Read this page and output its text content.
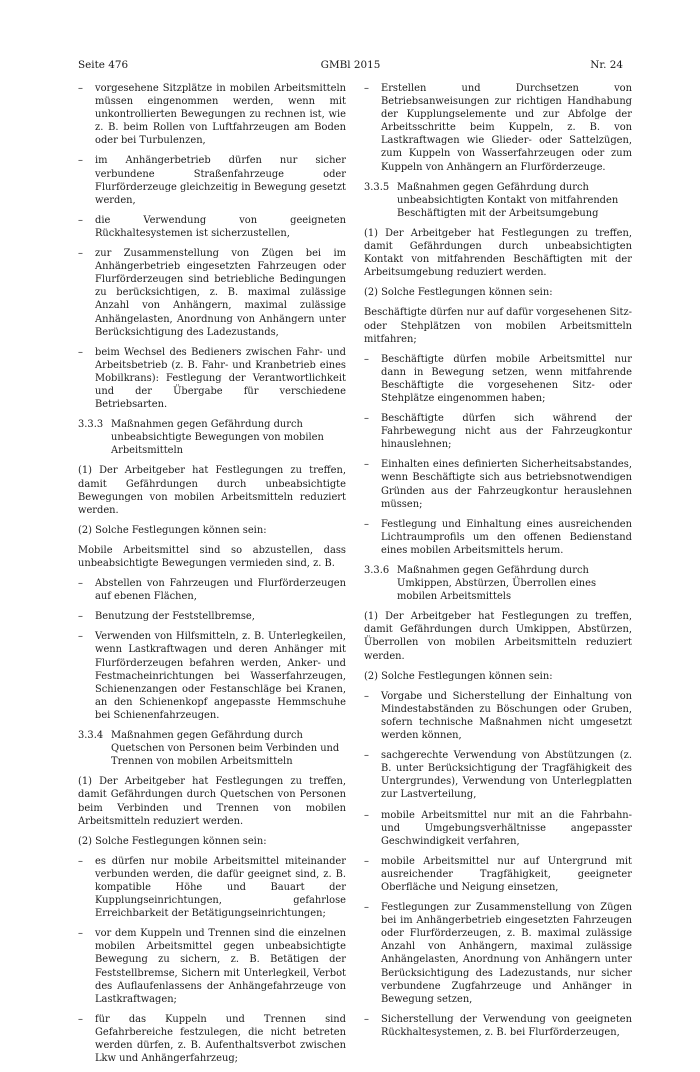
Seite 476	GMBl 2015	Nr. 24
– vorgesehene Sitzplätze in mobilen Arbeitsmitteln müssen eingenommen werden, wenn mit unkontrollierten Bewegungen zu rechnen ist, wie z. B. beim Rollen von Luftfahrzeugen am Boden oder bei Turbulenzen,
– im Anhängerbetrieb dürfen nur sicher verbundene Straßenfahrzeuge oder Flurförderzeuge gleichzeitig in Bewegung gesetzt werden,
– die Verwendung von geeigneten Rückhaltesystemen ist sicherzustellen,
– zur Zusammenstellung von Zügen bei im Anhängerbetrieb eingesetzten Fahrzeugen oder Flurförderzeugen sind betriebliche Bedingungen zu berücksichtigen, z. B. maximal zulässige Anzahl von Anhängern, maximal zulässige Anhängelasten, Anordnung von Anhängern unter Berücksichtigung des Ladezustands,
– beim Wechsel des Bedieners zwischen Fahr- und Arbeitsbetrieb (z. B. Fahr- und Kranbetrieb eines Mobilkrans): Festlegung der Verantwortlichkeit und der Übergabe für verschiedene Betriebsarten.
3.3.3 Maßnahmen gegen Gefährdung durch unbeabsichtigte Bewegungen von mobilen Arbeitsmitteln

(1) Der Arbeitgeber hat Festlegungen zu treffen, damit Gefährdungen durch unbeabsichtigte Bewegungen von mobilen Arbeitsmitteln reduziert werden.

(2) Solche Festlegungen können sein:

Mobile Arbeitsmittel sind so abzustellen, dass unbeabsichtigte Bewegungen vermieden sind, z. B.

– Abstellen von Fahrzeugen und Flurförderzeugen auf ebenen Flächen,
– Benutzung der Feststellbremse,
– Verwenden von Hilfsmitteln, z. B. Unterlegkeilen, wenn Lastkraftwagen und deren Anhänger mit Flurförderzeugen befahren werden, Anker- und Festmacheinrichtungen bei Wasserfahrzeugen, Schienenzangen oder Festanschläge bei Kranen, an den Schienenkopf angepasste Hemmschuhe bei Schienenfahrzeugen.
3.3.4 Maßnahmen gegen Gefährdung durch Quetschen von Personen beim Verbinden und Trennen von mobilen Arbeitsmitteln

(1) Der Arbeitgeber hat Festlegungen zu treffen, damit Gefährdungen durch Quetschen von Personen beim Verbinden und Trennen von mobilen Arbeitsmitteln reduziert werden.

(2) Solche Festlegungen können sein:

– es dürfen nur mobile Arbeitsmittel miteinander verbunden werden, die dafür geeignet sind, z. B. kompatible Höhe und Bauart der Kupplungseinrichtungen, gefahrlose Erreichbarkeit der Betätigungseinrichtungen;
– vor dem Kuppeln und Trennen sind die einzelnen mobilen Arbeitsmittel gegen unbeabsichtigte Bewegung zu sichern, z. B. Betätigen der Feststellbremse, Sichern mit Unterlegkeil, Verbot des Auflaufenlassens der Anhängefahrzeuge von Lastkraftwagen;
– für das Kuppeln und Trennen sind Gefahrbereiche festzulegen, die nicht betreten werden dürfen, z. B. Aufenthaltsverbot zwischen Lkw und Anhängerfahrzeug;
– Erstellen und Durchsetzen von Betriebsanweisungen zur richtigen Handhabung der Kupplungselemente und zur Abfolge der Arbeitsschritte beim Kuppeln, z. B. von Lastkraftwagen wie Glieder- oder Sattelzügen, zum Kuppeln von Wasserfahrzeugen oder zum Kuppeln von Anhängern an Flurförderzeuge.
3.3.5 Maßnahmen gegen Gefährdung durch unbeabsichtigten Kontakt von mitfahrenden Beschäftigten mit der Arbeitsumgebung

(1) Der Arbeitgeber hat Festlegungen zu treffen, damit Gefährdungen durch unbeabsichtigten Kontakt von mitfahrenden Beschäftigten mit der Arbeitsumgebung reduziert werden.

(2) Solche Festlegungen können sein:

Beschäftigte dürfen nur auf dafür vorgesehenen Sitz- oder Stehplätzen von mobilen Arbeitsmitteln mitfahren;

– Beschäftigte dürfen mobile Arbeitsmittel nur dann in Bewegung setzen, wenn mitfahrende Beschäftigte die vorgesehenen Sitz- oder Stehplätze eingenommen haben;
– Beschäftigte dürfen sich während der Fahrbewegung nicht aus der Fahrzeugkontur hinauslehnen;
– Einhalten eines definierten Sicherheitsabstandes, wenn Beschäftigte sich aus betriebsnotwendigen Gründen aus der Fahrzeugkontur herauslehnen müssen;
– Festlegung und Einhaltung eines ausreichenden Lichtraumprofils um den offenen Bedienstand eines mobilen Arbeitsmittels herum.
3.3.6 Maßnahmen gegen Gefährdung durch Umkippen, Abstürzen, Überrollen eines mobilen Arbeitsmittels

(1) Der Arbeitgeber hat Festlegungen zu treffen, damit Gefährdungen durch Umkippen, Abstürzen, Überrollen von mobilen Arbeitsmitteln reduziert werden.

(2) Solche Festlegungen können sein:

– Vorgabe und Sicherstellung der Einhaltung von Mindestabständen zu Böschungen oder Gruben, sofern technische Maßnahmen nicht umgesetzt werden können,
– sachgerechte Verwendung von Abstützungen (z. B. unter Berücksichtigung der Tragfähigkeit des Untergrundes), Verwendung von Unterlegplatten zur Lastverteilung,
– mobile Arbeitsmittel nur mit an die Fahrbahn- und Umgebungsverhältnisse angepasster Geschwindigkeit verfahren,
– mobile Arbeitsmittel nur auf Untergrund mit ausreichender Tragfähigkeit, geeigneter Oberfläche und Neigung einsetzen,
– Festlegungen zur Zusammenstellung von Zügen bei im Anhängerbetrieb eingesetzten Fahrzeugen oder Flurförderzeugen, z. B. maximal zulässige Anzahl von Anhängern, maximal zulässige Anhängelasten, Anordnung von Anhängern unter Berücksichtigung des Ladezustands, nur sicher verbundene Zugfahrzeuge und Anhänger in Bewegung setzen,
– Sicherstellung der Verwendung von geeigneten Rückhaltesystemen, z. B. bei Flurförderzeugen,
